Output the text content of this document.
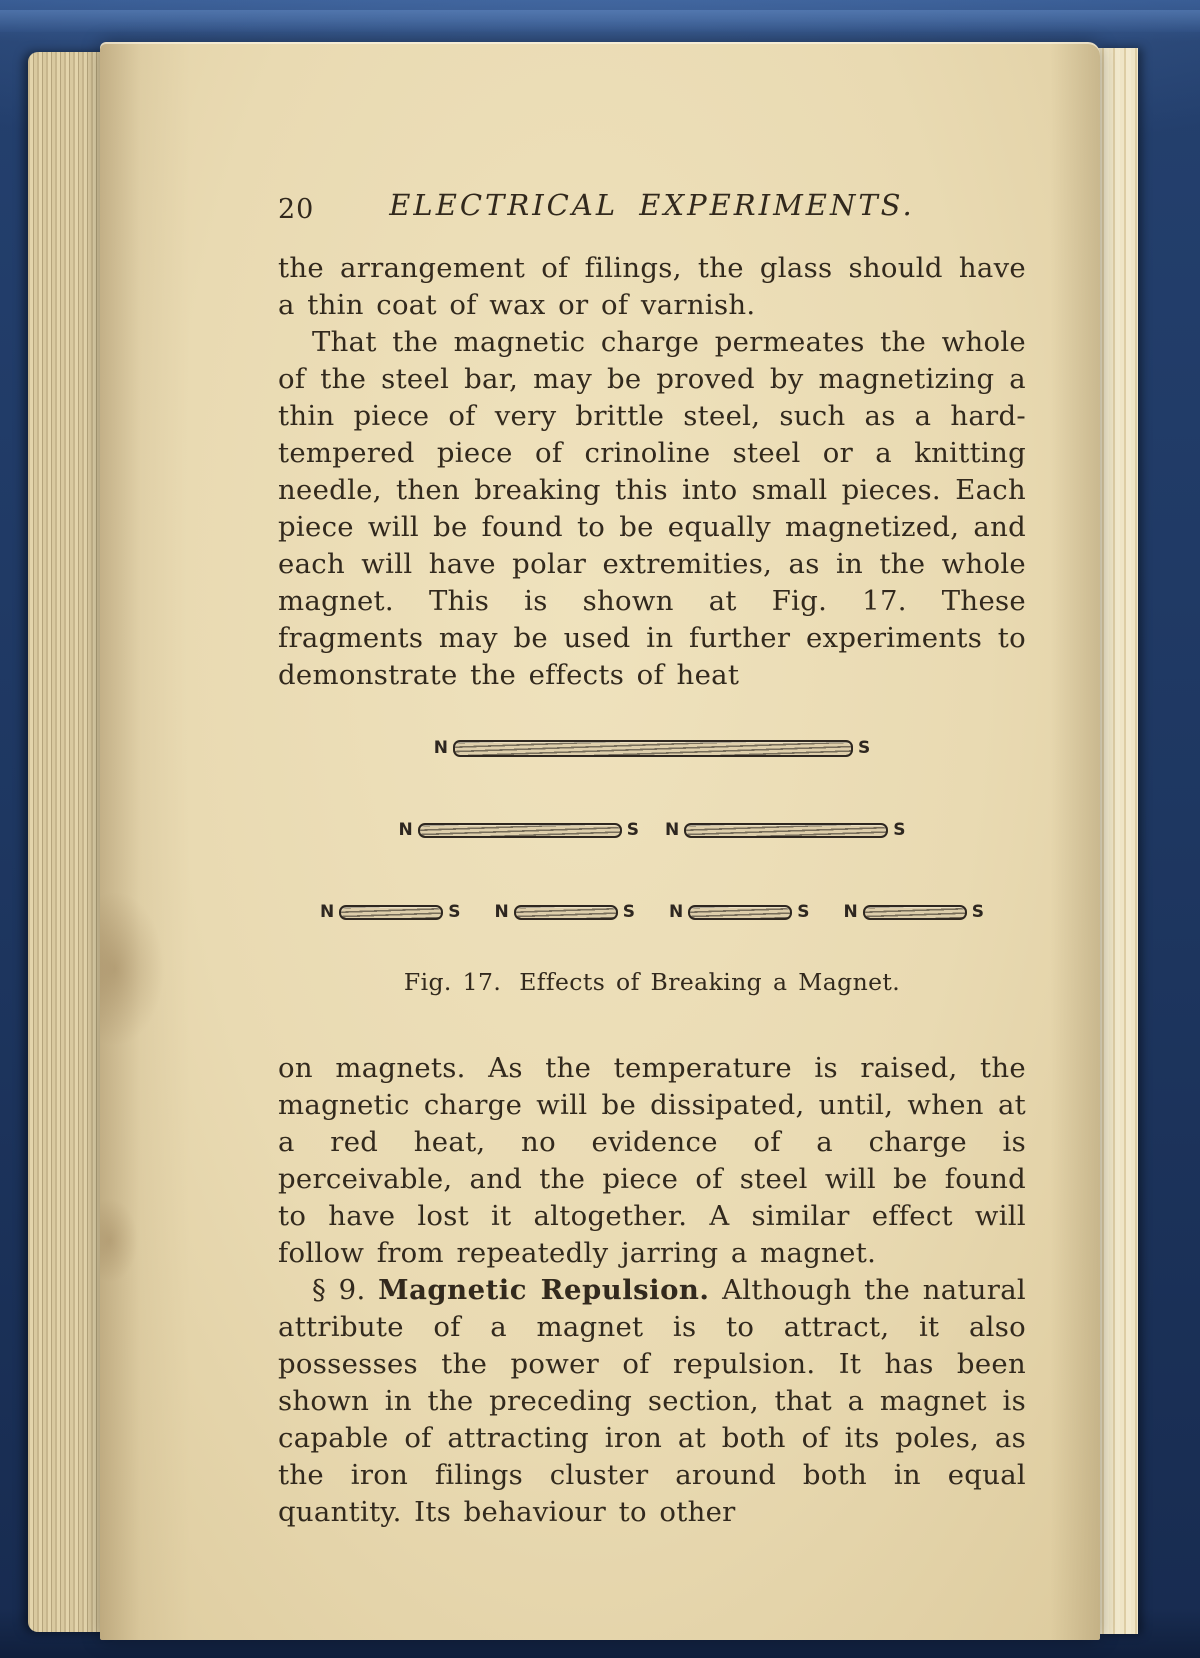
20	ELECTRICAL EXPERIMENTS.

the arrangement of filings, the glass should have a thin coat of wax or of varnish.

That the magnetic charge permeates the whole of the steel bar, may be proved by magnetizing a thin piece of very brittle steel, such as a hard-tempered piece of crinoline steel or a knitting needle, then breaking this into small pieces. Each piece will be found to be equally magnetized, and each will have polar extremities, as in the whole magnet. This is shown at Fig. 17. These fragments may be used in further experiments to demonstrate the effects of heat

N	S
N	S N	S
N	S N	S N	S N	S
Fig. 17. Effects of Breaking a Magnet.

on magnets. As the temperature is raised, the magnetic charge will be dissipated, until, when at a red heat, no evidence of a charge is perceivable, and the piece of steel will be found to have lost it altogether. A similar effect will follow from repeatedly jarring a magnet.

§ 9. Magnetic Repulsion. Although the natural attribute of a magnet is to attract, it also possesses the power of repulsion. It has been shown in the preceding section, that a magnet is capable of attracting iron at both of its poles, as the iron filings cluster around both in equal quantity. Its behaviour to other
